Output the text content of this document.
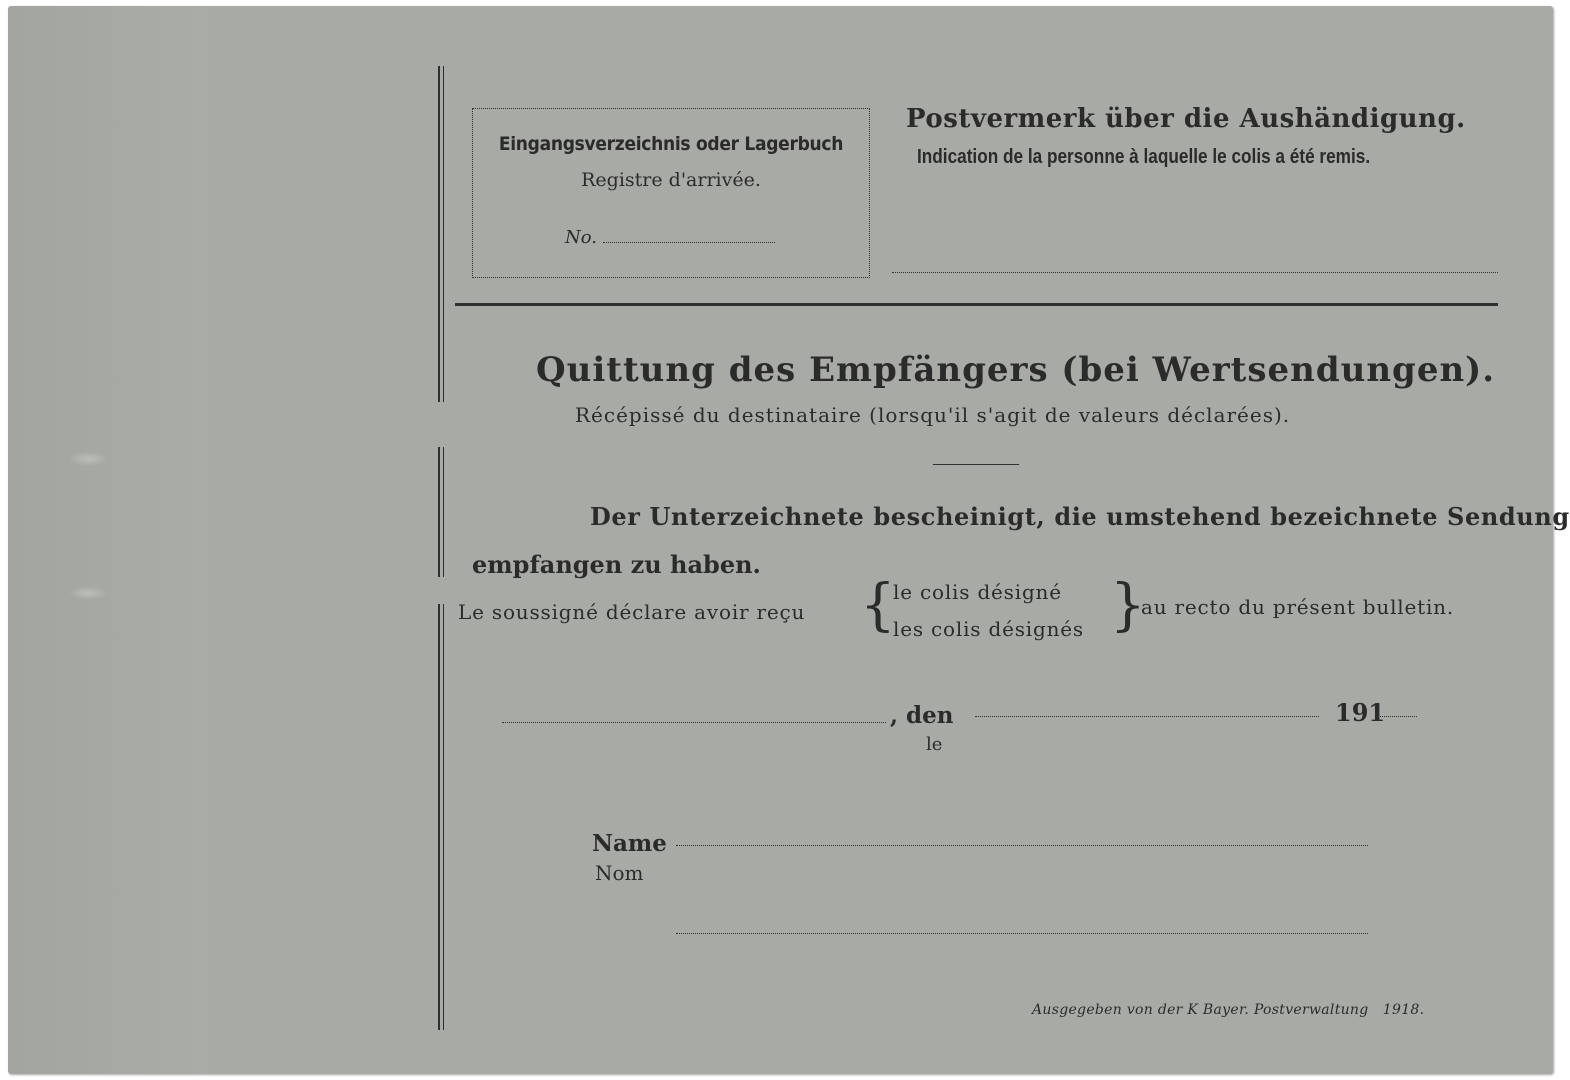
Eingangsverzeichnis oder Lagerbuch
Registre d'arrivée.
No.
Postvermerk über die Aushändigung.
Indication de la personne à laquelle le colis a été remis.
Quittung des Empfängers (bei Wertsendungen).
Récépissé du destinataire (lorsqu'il s'agit de valeurs déclarées).
Der Unterzeichnete bescheinigt, die umstehend bezeichnete Sendung
empfangen zu haben.
Le soussigné déclare avoir reçu {
le colis désigné
les colis désignés }
au recto du présent bulletin.
, den
le
191
Name
Nom
Ausgegeben von der K Bayer. Postverwaltung 1918.
